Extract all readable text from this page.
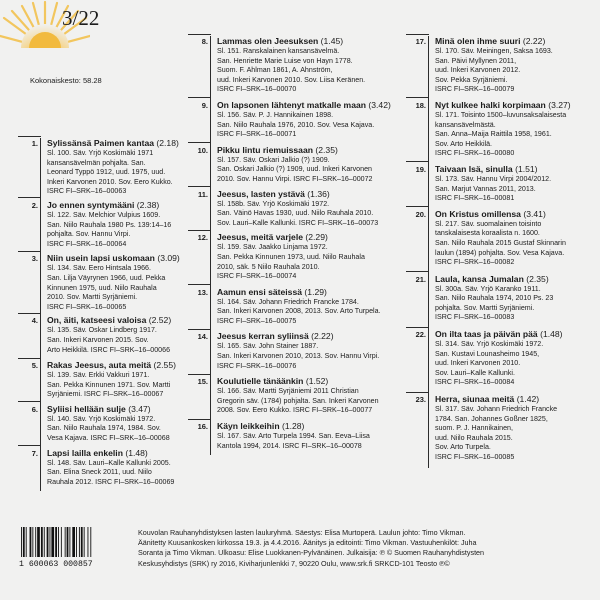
3/22
Kokonaiskesto: 58.28
1. Sylissänsä Paimen kantaa (2.18)
Sl. 100. Säv. Yrjö Koskimäki 1971
kansansävelmän pohjalta. San.
Leonard Typpö 1912, uud. 1975, uud.
Inkeri Karvonen 2010. Sov. Eero Kukko.
ISRC FI–SRK–16–00063
2. Jo ennen syntymääni (2.38)
Sl. 122. Säv. Melchior Vulpius 1609.
San. Niilo Rauhala 1980 Ps. 139:14–16
pohjalta. Sov. Hannu Virpi.
ISRC FI–SRK–16–00064
3. Niin usein lapsi uskomaan (3.09)
Sl. 134. Säv. Eero Hintsala 1966.
San. Lilja Väyrynen 1966, uud. Pekka
Kinnunen 1975, uud. Niilo Rauhala
2010. Sov. Martti Syrjäniemi.
ISRC FI–SRK–16–00065
4. On, äiti, katseesi valoisa (2.52)
Sl. 135. Säv. Oskar Lindberg 1917.
San. Inkeri Karvonen 2015. Sov.
Arto Heikkilä. ISRC FI–SRK–16–00066
5. Rakas Jeesus, auta meitä (2.55)
Sl. 139. Säv. Erkki Vakkuri 1971.
San. Pekka Kinnunen 1971. Sov. Martti
Syrjäniemi. ISRC FI–SRK–16–00067
6. Syliisi hellään sulje (3.47)
Sl. 140. Säv. Yrjö Koskimäki 1972.
San. Niilo Rauhala 1974, 1984. Sov.
Vesa Kajava. ISRC FI–SRK–16–00068
7. Lapsi lailla enkelin (1.48)
Sl. 148. Säv. Lauri–Kalle Kallunki 2005.
San. Elina Sneck 2011, uud. Niilo
Rauhala 2012. ISRC FI–SRK–16–00069
8. Lammas olen Jeesuksen (1.45)
Sl. 151. Ranskalainen kansansävelmä.
San. Henriette Marie Luise von Hayn 1778.
Suom. F. Ahlman 1861, A. Ahnström,
uud. Inkeri Karvonen 2010. Sov. Liisa Keränen.
ISRC FI–SRK–16–00070
9. On lapsonen lähtenyt matkalle maan (3.42)
Sl. 156. Säv. P. J. Hannikainen 1898.
San. Niilo Rauhala 1976, 2010. Sov. Vesa Kajava.
ISRC FI–SRK–16–00071
10. Pikku lintu riemuissaan (2.35)
Sl. 157. Säv. Oskari Jalkio (?) 1909.
San. Oskari Jalkio (?) 1909, uud. Inkeri Karvonen
2010. Sov. Hannu Virpi. ISRC FI–SRK–16–00072
11. Jeesus, lasten ystävä (1.36)
Sl. 158b. Säv. Yrjö Koskimäki 1972.
San. Väinö Havas 1930, uud. Niilo Rauhala 2010.
Sov. Lauri–Kalle Kallunki. ISRC FI–SRK–16–00073
12. Jeesus, meitä varjele (2.29)
Sl. 159. Säv. Jaakko Linjama 1972.
San. Pekka Kinnunen 1973, uud. Niilo Rauhala
2010, säk. 5 Niilo Rauhala 2010.
ISRC FI–SRK–16–00074
13. Aamun ensi säteissä (1.29)
Sl. 164. Säv. Johann Friedrich Francke 1784.
San. Inkeri Karvonen 2008, 2013. Sov. Arto Turpela.
ISRC FI–SRK–16–00075
14. Jeesus kerran syliinsä (2.22)
Sl. 165. Säv. John Stainer 1887.
San. Inkeri Karvonen 2010, 2013. Sov. Hannu Virpi.
ISRC FI–SRK–16–00076
15. Koulutielle tänäänkin (1.52)
Sl. 166. Säv. Martti Syrjäniemi 2011 Christian
Gregorin säv. (1784) pohjalta. San. Inkeri Karvonen
2008. Sov. Eero Kukko. ISRC FI–SRK–16–00077
16. Käyn leikkeihin (1.28)
Sl. 167. Säv. Arto Turpela 1994. San. Eeva–Liisa
Kantola 1994, 2014. ISRC FI–SRK–16–00078
17. Minä olen ihme suuri (2.22)
Sl. 170. Säv. Meiningen, Saksa 1693.
San. Päivi Myllynen 2011,
uud. Inkeri Karvonen 2012.
Sov. Pekka Syrjäniemi.
ISRC FI–SRK–16–00079
18. Nyt kulkee halki korpimaan (3.27)
Sl. 171. Toisinto 1500–luvunsaksalaisesta
kansansävelmästä.
San. Anna–Maija Raittila 1958, 1961.
Sov. Arto Heikkilä.
ISRC FI–SRK–16–00080
19. Taivaan Isä, sinulla (1.51)
Sl. 173. Säv. Hannu Virpi 2004/2012.
San. Marjut Vannas 2011, 2013.
ISRC FI–SRK–16–00081
20. On Kristus omillensa (3.41)
Sl. 217. Säv. suomalainen toisinto
tanskalaisesta koraalista n. 1600.
San. Niilo Rauhala 2015 Gustaf Skinnarin
laulun (1894) pohjalta. Sov. Vesa Kajava.
ISRC FI–SRK–16–00082
21. Laula, kansa Jumalan (2.35)
Sl. 300a. Säv. Yrjö Karanko 1911.
San. Niilo Rauhala 1974, 2010 Ps. 23
pohjalta. Sov. Martti Syrjäniemi.
ISRC FI–SRK–16–00083
22. On ilta taas ja päivän pää (1.48)
Sl. 314. Säv. Yrjö Koskimäki 1972.
San. Kustavi Lounasheimo 1945,
uud. Inkeri Karvonen 2010.
Sov. Lauri–Kalle Kallunki.
ISRC FI–SRK–16–00084
23. Herra, siunaa meitä (1.42)
Sl. 317. Säv. Johann Friedrich Francke
1784. San. Johannes Goßner 1825,
suom. P. J. Hannikainen,
uud. Niilo Rauhala 2015.
Sov. Arto Turpela.
ISRC FI–SRK–16–00085
1 600063 000857
Kouvolan Rauhanyhdistyksen lasten lauluryhmä. Säestys: Elisa Murtoperä. Laulun johto: Timo Vikman.
Äänitetty Kuusankosken kirkossa 19.3. ja 4.4.2016. Äänitys ja editointi: Timo Vikman. Vastuuhenkilöt: Juha
Soranta ja Timo Vikman. Ulkoasu: Elise Luokkanen-Pylvänäinen. Julkaisija: ℗ © Suomen Rauhanyhdistysten
Keskusyhdistys (SRK) ry 2016, Kiviharjunlenkki 7, 90220 Oulu, www.srk.fi SRKCD-101 Teosto ℗©
